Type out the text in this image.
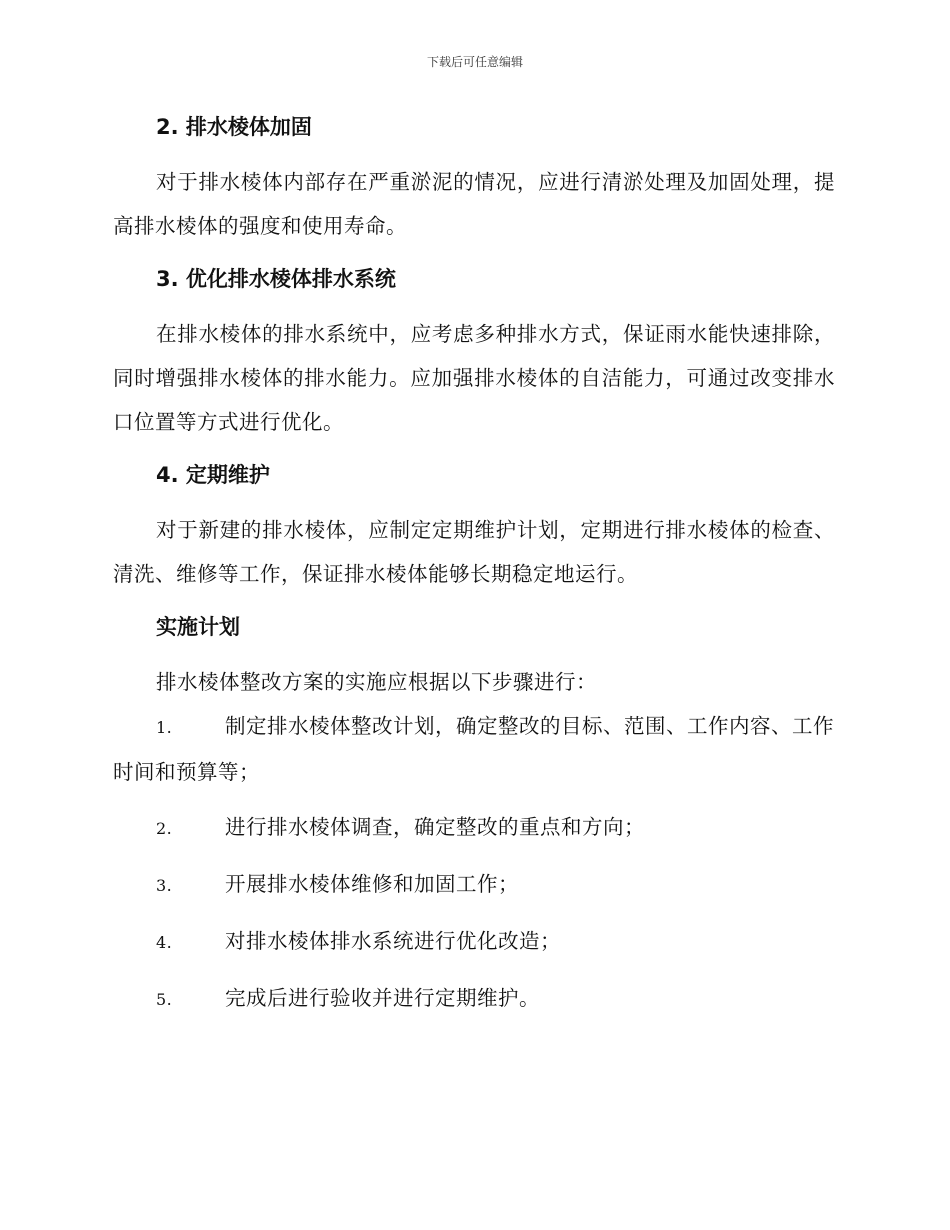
下载后可任意编辑
2. 排水棱体加固

对于排水棱体内部存在严重淤泥的情况，应进行清淤处理及加固处理，提高排水棱体的强度和使用寿命。

3. 优化排水棱体排水系统

在排水棱体的排水系统中，应考虑多种排水方式，保证雨水能快速排除，同时增强排水棱体的排水能力。应加强排水棱体的自洁能力，可通过改变排水口位置等方式进行优化。

4. 定期维护

对于新建的排水棱体，应制定定期维护计划，定期进行排水棱体的检查、清洗、维修等工作，保证排水棱体能够长期稳定地运行。

实施计划

排水棱体整改方案的实施应根据以下步骤进行：

1.	制定排水棱体整改计划，确定整改的目标、范围、工作内容、工作时间和预算等；
2.	进行排水棱体调查，确定整改的重点和方向；
3.	开展排水棱体维修和加固工作；
4.	对排水棱体排水系统进行优化改造；
5.	完成后进行验收并进行定期维护。
